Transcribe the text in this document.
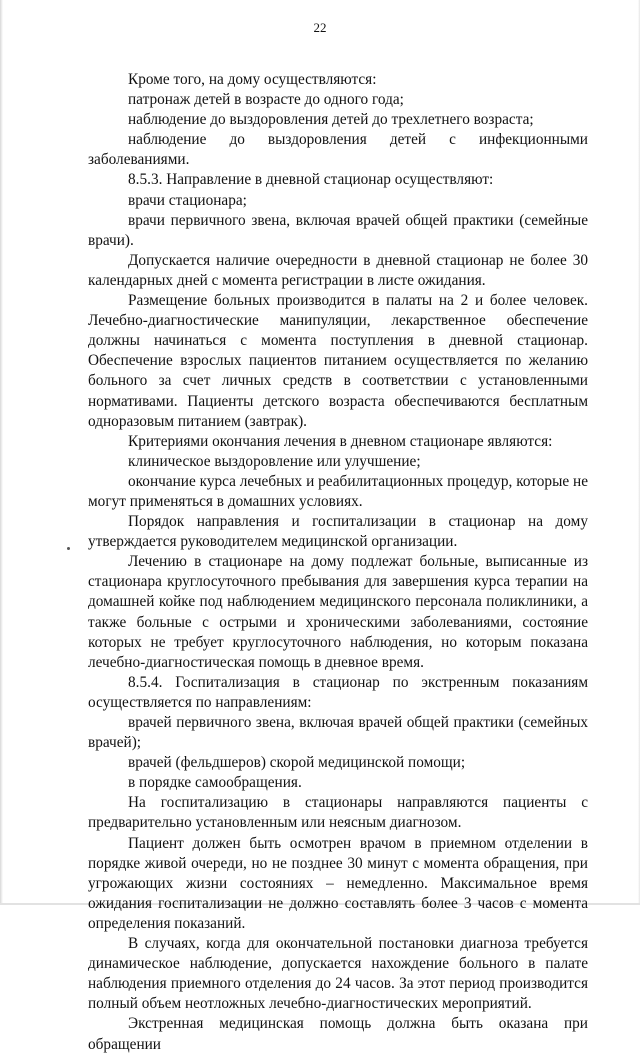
22

Кроме того, на дому осуществляются:

патронаж детей в возрасте до одного года;

наблюдение до выздоровления детей до трехлетнего возраста;

наблюдение до выздоровления детей с инфекционными заболеваниями.

8.5.3. Направление в дневной стационар осуществляют:

врачи стационара;

врачи первичного звена, включая врачей общей практики (семейные врачи).

Допускается наличие очередности в дневной стационар не более 30 календарных дней с момента регистрации в листе ожидания.

Размещение больных производится в палаты на 2 и более человек. Лечебно-диагностические манипуляции, лекарственное обеспечение должны начинаться с момента поступления в дневной стационар. Обеспечение взрослых пациентов питанием осуществляется по желанию больного за счет личных средств в соответствии с установленными нормативами. Пациенты детского возраста обеспечиваются бесплатным одноразовым питанием (завтрак).

Критериями окончания лечения в дневном стационаре являются:

клиническое выздоровление или улучшение;

окончание курса лечебных и реабилитационных процедур, которые не могут применяться в домашних условиях.

Порядок направления и госпитализации в стационар на дому утверждается руководителем медицинской организации.

Лечению в стационаре на дому подлежат больные, выписанные из стационара круглосуточного пребывания для завершения курса терапии на домашней койке под наблюдением медицинского персонала поликлиники, а также больные с острыми и хроническими заболеваниями, состояние которых не требует круглосуточного наблюдения, но которым показана лечебно-диагностическая помощь в дневное время.

8.5.4. Госпитализация в стационар по экстренным показаниям осуществляется по направлениям:

врачей первичного звена, включая врачей общей практики (семейных врачей);

врачей (фельдшеров) скорой медицинской помощи;

в порядке самообращения.

На госпитализацию в стационары направляются пациенты с предварительно установленным или неясным диагнозом.

Пациент должен быть осмотрен врачом в приемном отделении в порядке живой очереди, но не позднее 30 минут с момента обращения, при угрожающих жизни состояниях – немедленно. Максимальное время ожидания госпитализации не должно составлять более 3 часов с момента определения показаний.

В случаях, когда для окончательной постановки диагноза требуется динамическое наблюдение, допускается нахождение больного в палате наблюдения приемного отделения до 24 часов. За этот период производится полный объем неотложных лечебно-диагностических мероприятий.

Экстренная медицинская помощь должна быть оказана при обращении
